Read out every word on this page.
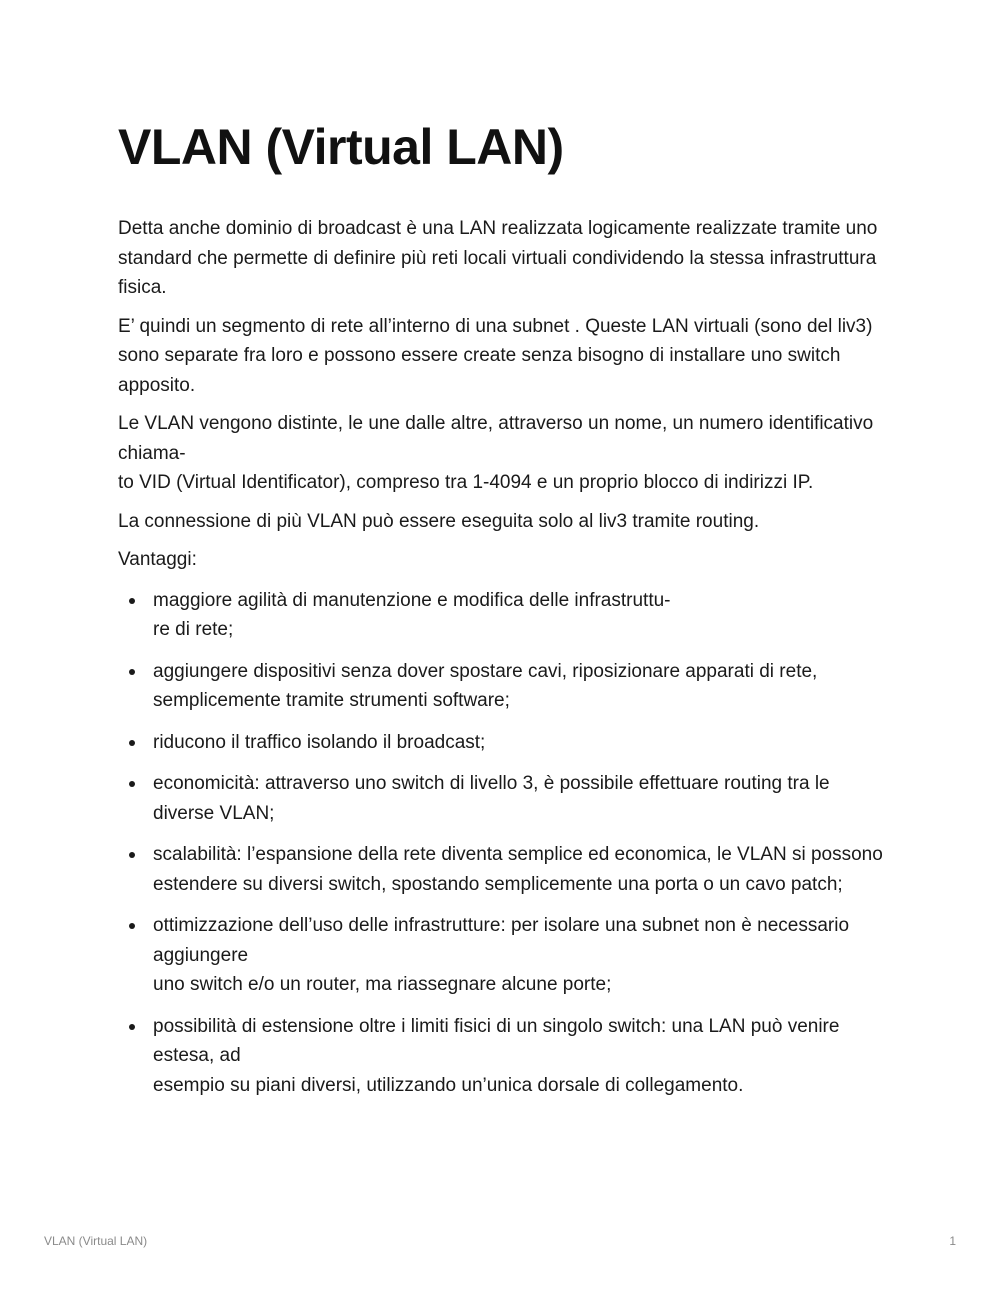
VLAN (Virtual LAN)

Detta anche dominio di broadcast è una LAN realizzata logicamente realizzate tramite uno standard che permette di definire più reti locali virtuali condividendo la stessa infrastruttura fisica.

E’ quindi un segmento di rete all’interno di una subnet . Queste LAN virtuali (sono del liv3) sono separate fra loro e possono essere create senza bisogno di installare uno switch apposito.

Le VLAN vengono distinte, le une dalle altre, attraverso un nome, un numero identificativo chiama-
to VID (Virtual Identificator), compreso tra 1-4094 e un proprio blocco di indirizzi IP.

La connessione di più VLAN può essere eseguita solo al liv3 tramite routing.

Vantaggi:

maggiore agilità di manutenzione e modifica delle infrastruttu-
re di rete;
aggiungere dispositivi senza dover spostare cavi, riposizionare apparati di rete, semplicemente tramite strumenti software;
riducono il traffico isolando il broadcast;
economicità: attraverso uno switch di livello 3, è possibile effettuare routing tra le diverse VLAN;
scalabilità: l’espansione della rete diventa semplice ed economica, le VLAN si possono estendere su diversi switch, spostando semplicemente una porta o un cavo patch;
ottimizzazione dell’uso delle infrastrutture: per isolare una subnet non è necessario aggiungere
uno switch e/o un router, ma riassegnare alcune porte;
possibilità di estensione oltre i limiti fisici di un singolo switch: una LAN può venire estesa, ad
esempio su piani diversi, utilizzando un’unica dorsale di collegamento.
VLAN (Virtual LAN)	1
